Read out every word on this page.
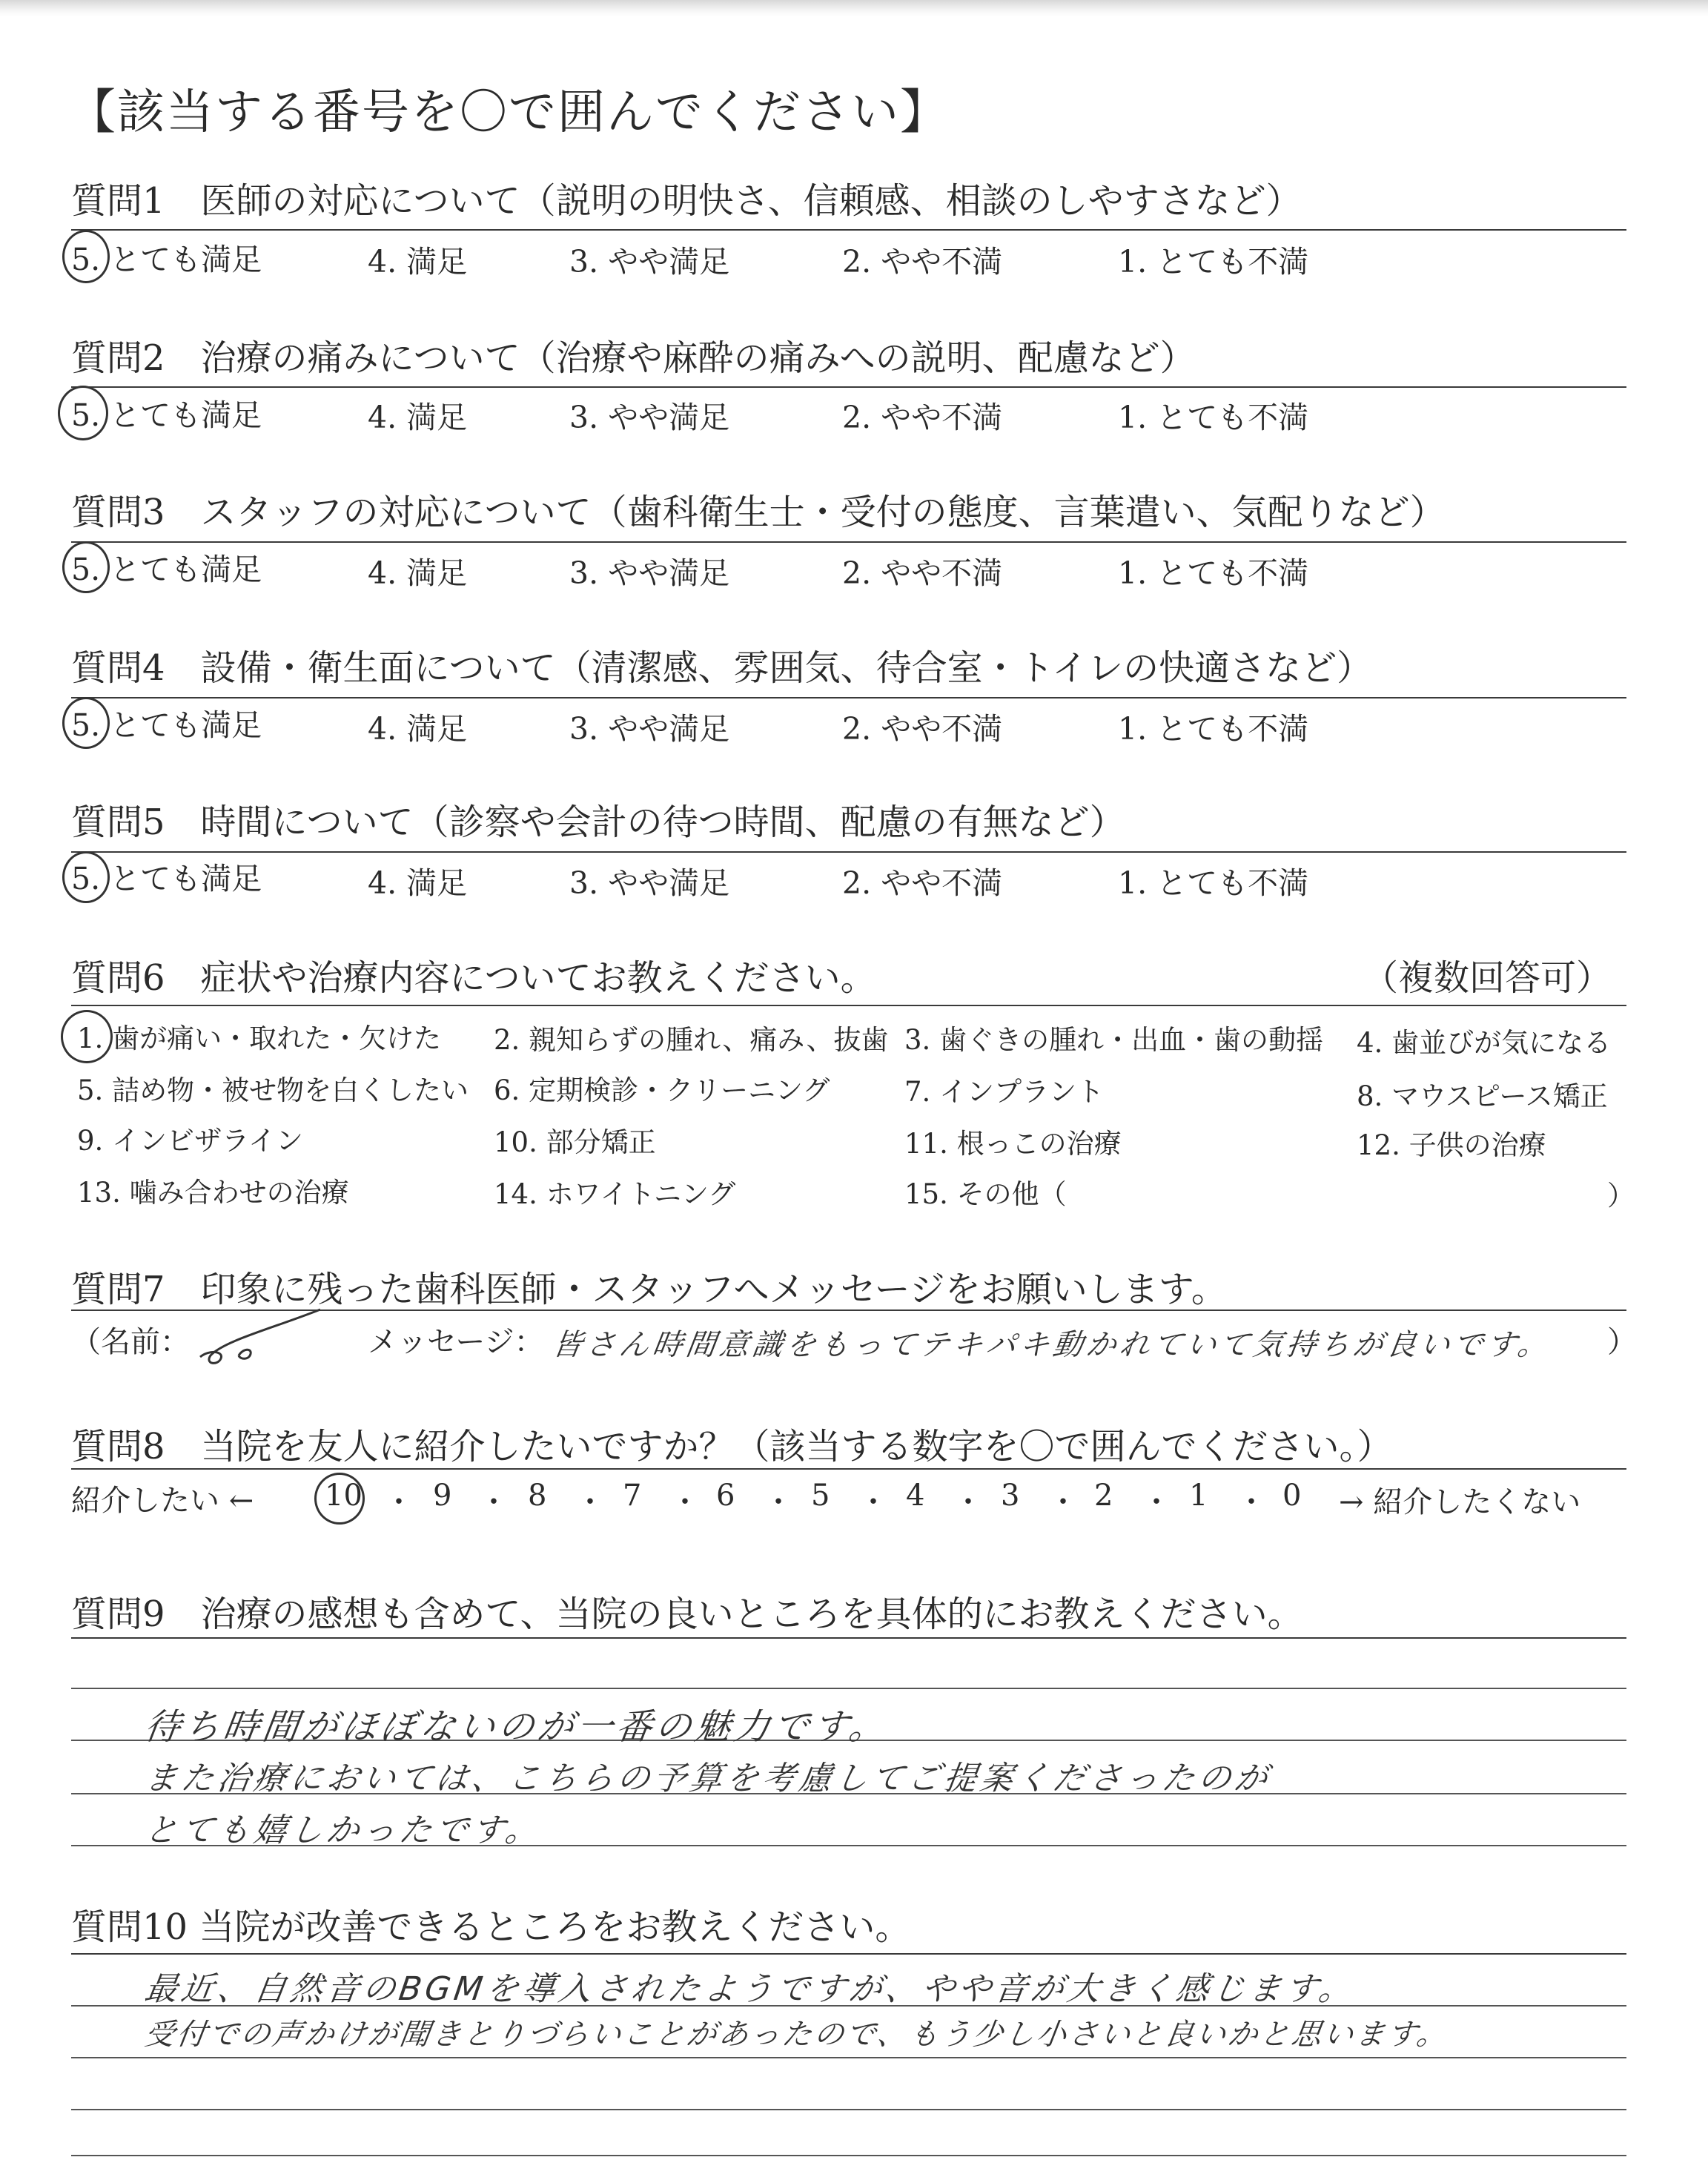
【該当する番号を〇で囲んでください】
質問1　医師の対応について（説明の明快さ、信頼感、相談のしやすさなど）
5. とても満足	4. 満足	3. やや満足	2. やや不満	1. とても不満
質問2　治療の痛みについて（治療や麻酔の痛みへの説明、配慮など）
5. とても満足	4. 満足	3. やや満足	2. やや不満	1. とても不満
質問3　スタッフの対応について（歯科衛生士・受付の態度、言葉遣い、気配りなど）
5. とても満足	4. 満足	3. やや満足	2. やや不満	1. とても不満
質問4　設備・衛生面について（清潔感、雰囲気、待合室・トイレの快適さなど）
5. とても満足	4. 満足	3. やや満足	2. やや不満	1. とても不満
質問5　時間について（診察や会計の待つ時間、配慮の有無など）
5. とても満足	4. 満足	3. やや満足	2. やや不満	1. とても不満
質問6　症状や治療内容についてお教えください。	（複数回答可）
1. 歯が痛い・取れた・欠けた 2. 親知らずの腫れ、痛み、抜歯 3. 歯ぐきの腫れ・出血・歯の動揺 4. 歯並びが気になる
5. 詰め物・被せ物を白くしたい 6. 定期検診・クリーニング	7. インプラント	8. マウスピース矯正
9. インビザライン	10. 部分矯正	11. 根っこの治療	12. 子供の治療
13. 噛み合わせの治療	14. ホワイトニング	15. その他（	）
質問7　印象に残った歯科医師・スタッフへメッセージをお願いします。
（名前：	メッセージ： 皆さん時間意識をもってテキパキ動かれていて気持ちが良いです。 ）
質問8　当院を友人に紹介したいですか？（該当する数字を〇で囲んでください。）
紹介したい ← 10 ・ 9 ・ 8 ・ 7 ・ 6 ・ 5 ・ 4 ・ 3 ・ 2 ・ 1 ・ 0 → 紹介したくない
質問9　治療の感想も含めて、当院の良いところを具体的にお教えください。
待ち時間がほぼないのが一番の魅力です。
また治療においては、こちらの予算を考慮してご提案くださったのが
とても嬉しかったです。
質問10 当院が改善できるところをお教えください。
最近、自然音のBGMを導入されたようですが、やや音が大きく感じます。
受付での声かけが聞きとりづらいことがあったので、もう少し小さいと良いかと思います。
